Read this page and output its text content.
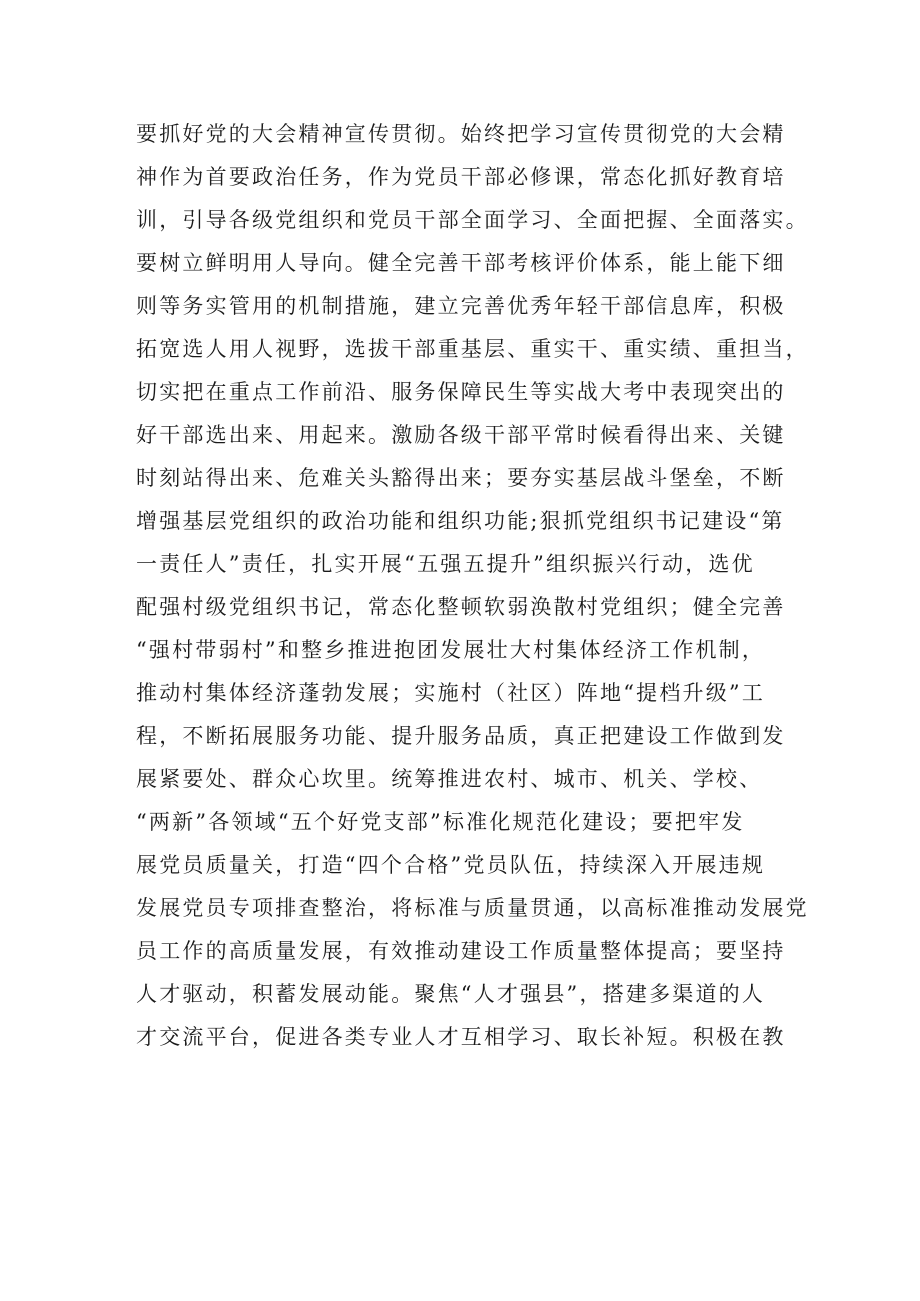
要抓好党的大会精神宣传贯彻。始终把学习宣传贯彻党的大会精
神作为首要政治任务，作为党员干部必修课，常态化抓好教育培
训，引导各级党组织和党员干部全面学习、全面把握、全面落实。
要树立鲜明用人导向。健全完善干部考核评价体系，能上能下细
则等务实管用的机制措施，建立完善优秀年轻干部信息库，积极
拓宽选人用人视野，选拔干部重基层、重实干、重实绩、重担当，
切实把在重点工作前沿、服务保障民生等实战大考中表现突出的
好干部选出来、用起来。激励各级干部平常时候看得出来、关键
时刻站得出来、危难关头豁得出来；要夯实基层战斗堡垒，不断
增强基层党组织的政治功能和组织功能;狠抓党组织书记建设“第
一责任人”责任，扎实开展“五强五提升”组织振兴行动，选优
配强村级党组织书记，常态化整顿软弱涣散村党组织；健全完善
“强村带弱村”和整乡推进抱团发展壮大村集体经济工作机制，
推动村集体经济蓬勃发展；实施村（社区）阵地“提档升级”工
程，不断拓展服务功能、提升服务品质，真正把建设工作做到发
展紧要处、群众心坎里。统筹推进农村、城市、机关、学校、
“两新”各领域“五个好党支部”标准化规范化建设；要把牢发
展党员质量关，打造“四个合格”党员队伍，持续深入开展违规
发展党员专项排查整治，将标准与质量贯通，以高标准推动发展党
员工作的高质量发展，有效推动建设工作质量整体提高；要坚持
人才驱动，积蓄发展动能。聚焦“人才强县”，搭建多渠道的人
才交流平台，促进各类专业人才互相学习、取长补短。积极在教
